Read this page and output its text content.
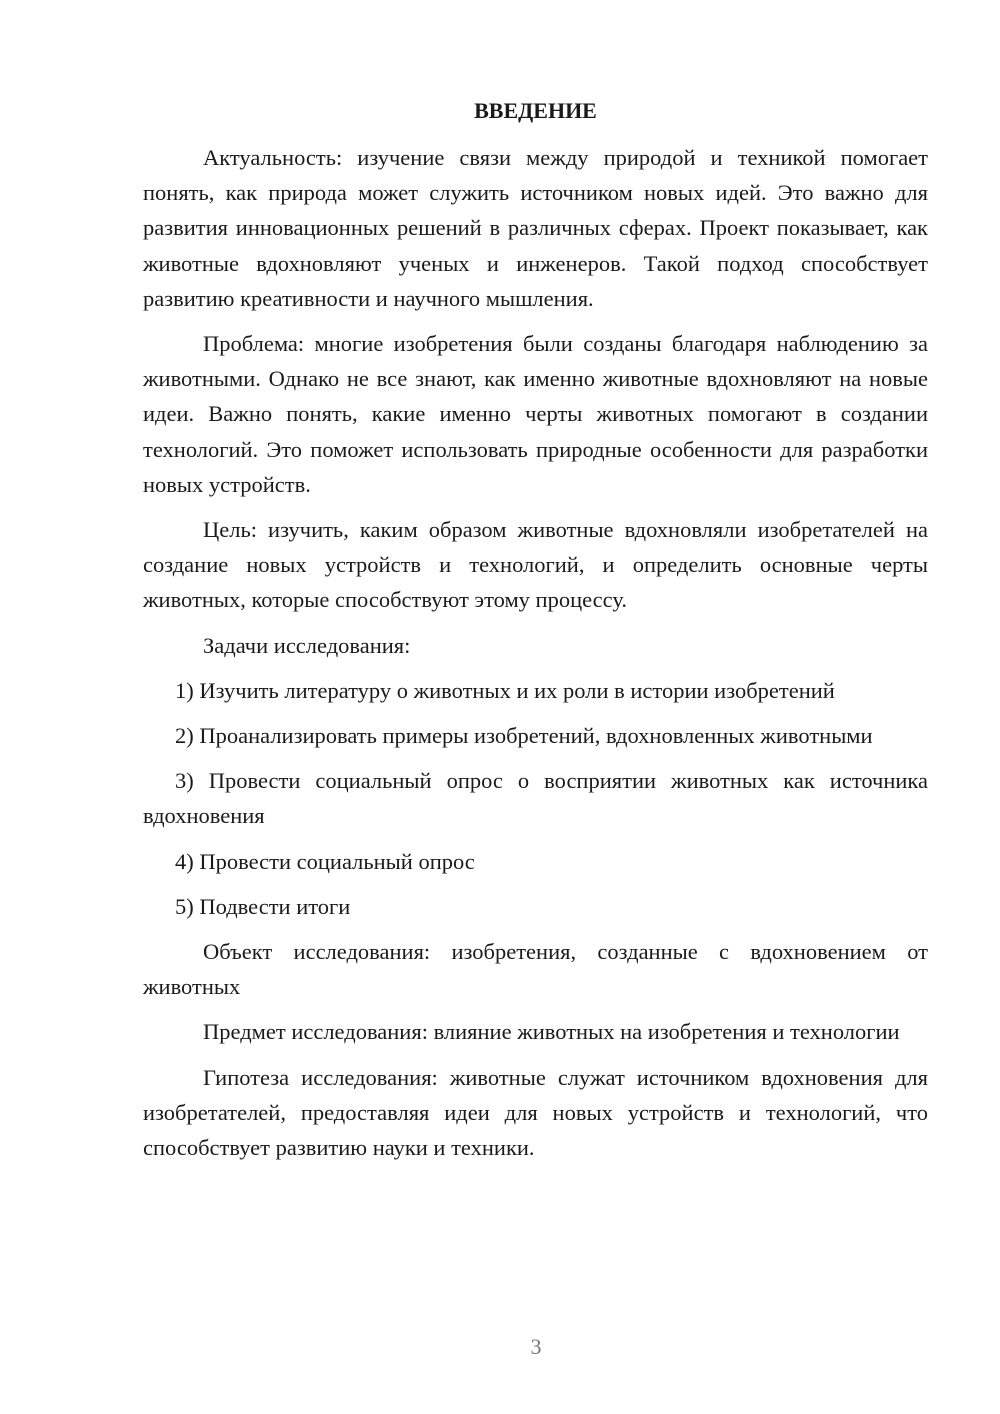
ВВЕДЕНИЕ

Актуальность: изучение связи между природой и техникой помогает понять, как природа может служить источником новых идей. Это важно для развития инновационных решений в различных сферах. Проект показывает, как животные вдохновляют ученых и инженеров. Такой подход способствует развитию креативности и научного мышления.

Проблема: многие изобретения были созданы благодаря наблюдению за животными. Однако не все знают, как именно животные вдохновляют на новые идеи. Важно понять, какие именно черты животных помогают в создании технологий. Это поможет использовать природные особенности для разработки новых устройств.

Цель: изучить, каким образом животные вдохновляли изобретателей на создание новых устройств и технологий, и определить основные черты животных, которые способствуют этому процессу.

Задачи исследования:

1) Изучить литературу о животных и их роли в истории изобретений

2) Проанализировать примеры изобретений, вдохновленных животными

3) Провести социальный опрос о восприятии животных как источника вдохновения

4) Провести социальный опрос

5) Подвести итоги

Объект исследования: изобретения, созданные с вдохновением от животных

Предмет исследования: влияние животных на изобретения и технологии

Гипотеза исследования: животные служат источником вдохновения для изобретателей, предоставляя идеи для новых устройств и технологий, что способствует развитию науки и техники.

3
